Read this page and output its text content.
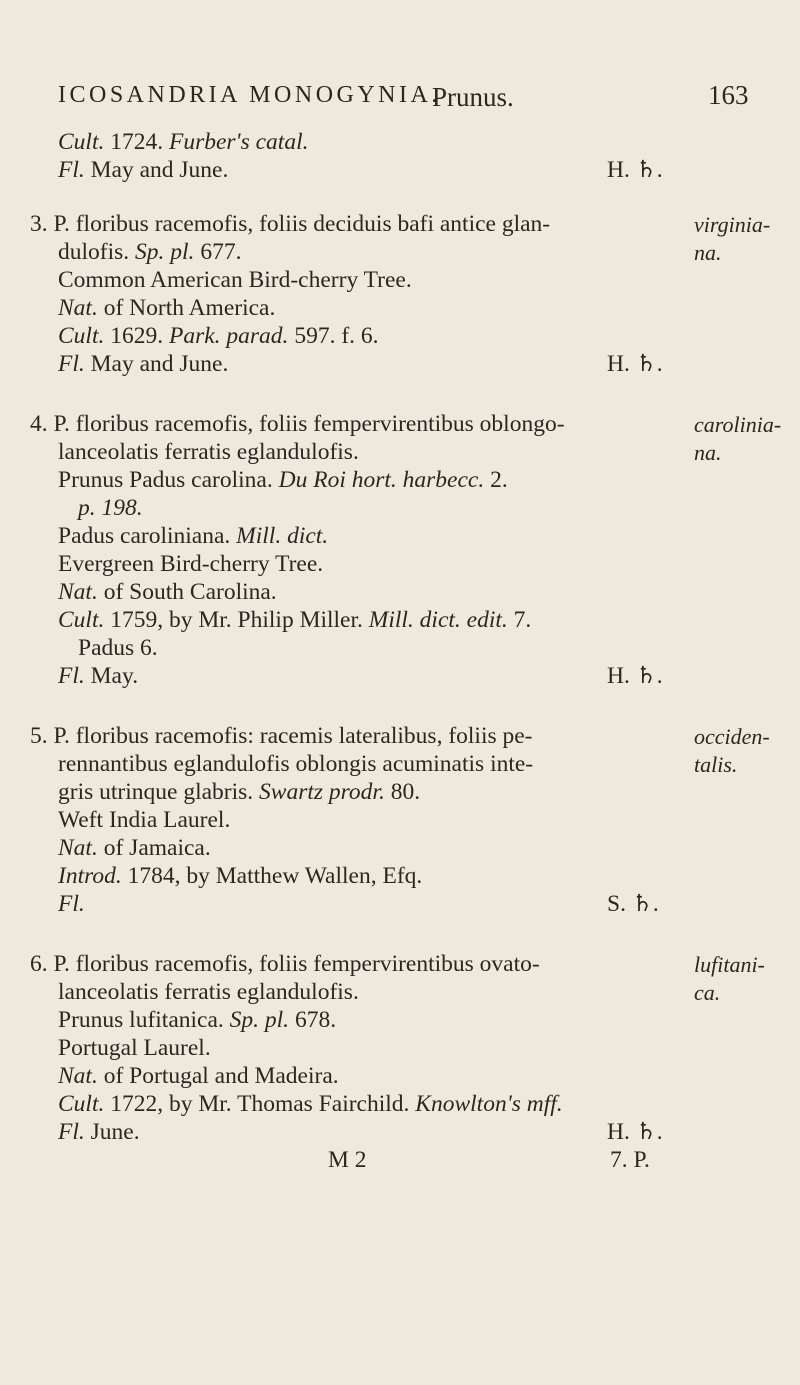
ICOSANDRIA MONOGYNIA.
Prunus.	163
Cult. 1724. Furber's catal.
Fl. May and June.	H. ♄.
3. P. floribus racemofis, foliis deciduis bafi antice glan-
dulofis. Sp. pl. 677.
Common American Bird-cherry Tree.
Nat. of North America.
Cult. 1629. Park. parad. 597. f. 6.
Fl. May and June.	H. ♄.
virginia-
na.
4. P. floribus racemofis, foliis fempervirentibus oblongo-
lanceolatis ferratis eglandulofis.
Prunus Padus carolina. Du Roi hort. harbecc. 2.
p. 198.
Padus caroliniana. Mill. dict.
Evergreen Bird-cherry Tree.
Nat. of South Carolina.
Cult. 1759, by Mr. Philip Miller. Mill. dict. edit. 7.
Padus 6.
Fl. May.	H. ♄.
carolinia-
na.
5. P. floribus racemofis: racemis lateralibus, foliis pe-
rennantibus eglandulofis oblongis acuminatis inte-
gris utrinque glabris. Swartz prodr. 80.
Weft India Laurel.
Nat. of Jamaica.
Introd. 1784, by Matthew Wallen, Efq.
Fl.	S. ♄.
occiden-
talis.
6. P. floribus racemofis, foliis fempervirentibus ovato-
lanceolatis ferratis eglandulofis.
Prunus lufitanica. Sp. pl. 678.
Portugal Laurel.
Nat. of Portugal and Madeira.
Cult. 1722, by Mr. Thomas Fairchild. Knowlton's mff.
Fl. June.	H. ♄.
lufitani-
ca.
M 2	7. P.
